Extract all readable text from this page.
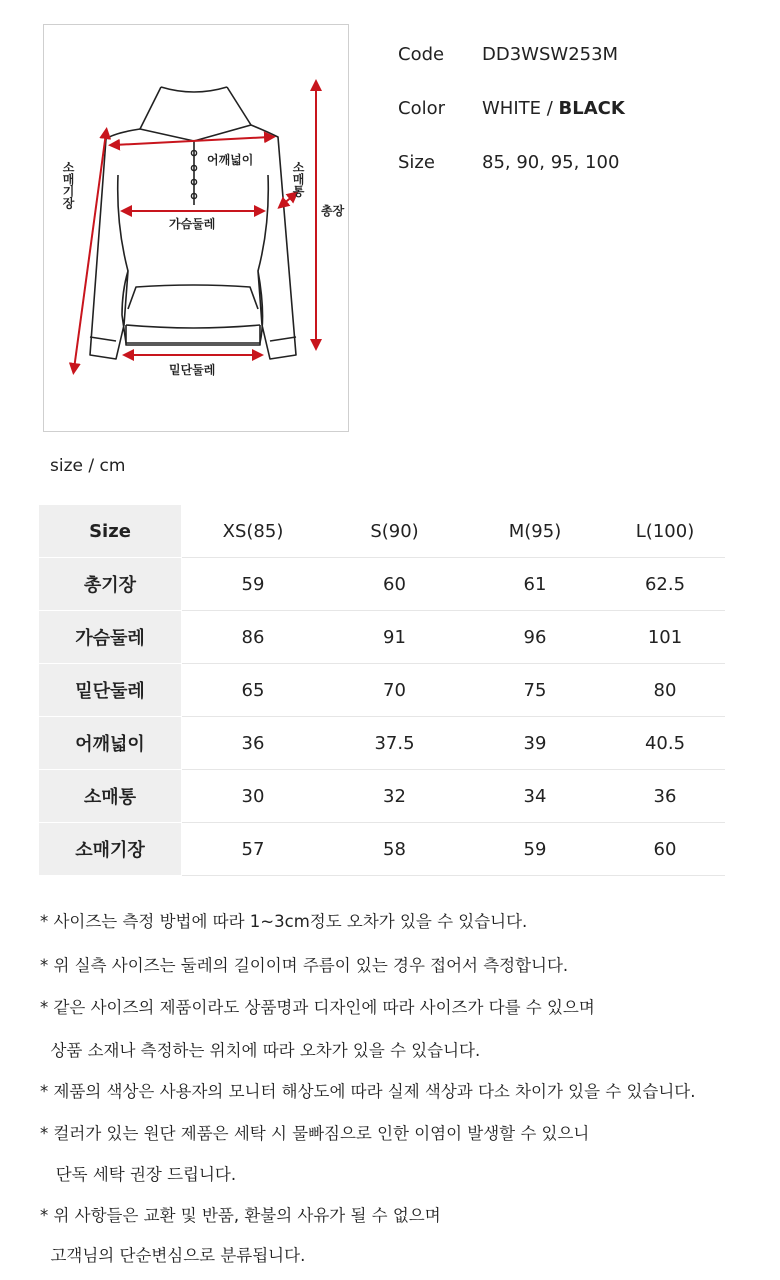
어깨넓이
가슴둘레
밑단둘레
소매기장	소매통
총장
Code DD3WSW253M
Color WHITE / BLACK
Size	85, 90, 95, 100
size / cm
Size	XS(85)	S(90)	M(95)	L(100)
총기장	59	60	61	62.5
가슴둘레	86	91	96	101
밑단둘레	65	70	75	80
어깨넓이	36	37.5	39	40.5
소매통	30	32	34	36
소매기장	57	58	59	60
* 사이즈는 측정 방법에 따라 1~3cm정도 오차가 있을 수 있습니다.
* 위 실측 사이즈는 둘레의 길이이며 주름이 있는 경우 접어서 측정합니다.
* 같은 사이즈의 제품이라도 상품명과 디자인에 따라 사이즈가 다를 수 있으며
상품 소재나 측정하는 위치에 따라 오차가 있을 수 있습니다.
* 제품의 색상은 사용자의 모니터 해상도에 따라 실제 색상과 다소 차이가 있을 수 있습니다.
* 컬러가 있는 원단 제품은 세탁 시 물빠짐으로 인한 이염이 발생할 수 있으니
단독 세탁 권장 드립니다.
* 위 사항들은 교환 및 반품, 환불의 사유가 될 수 없으며
고객님의 단순변심으로 분류됩니다.
